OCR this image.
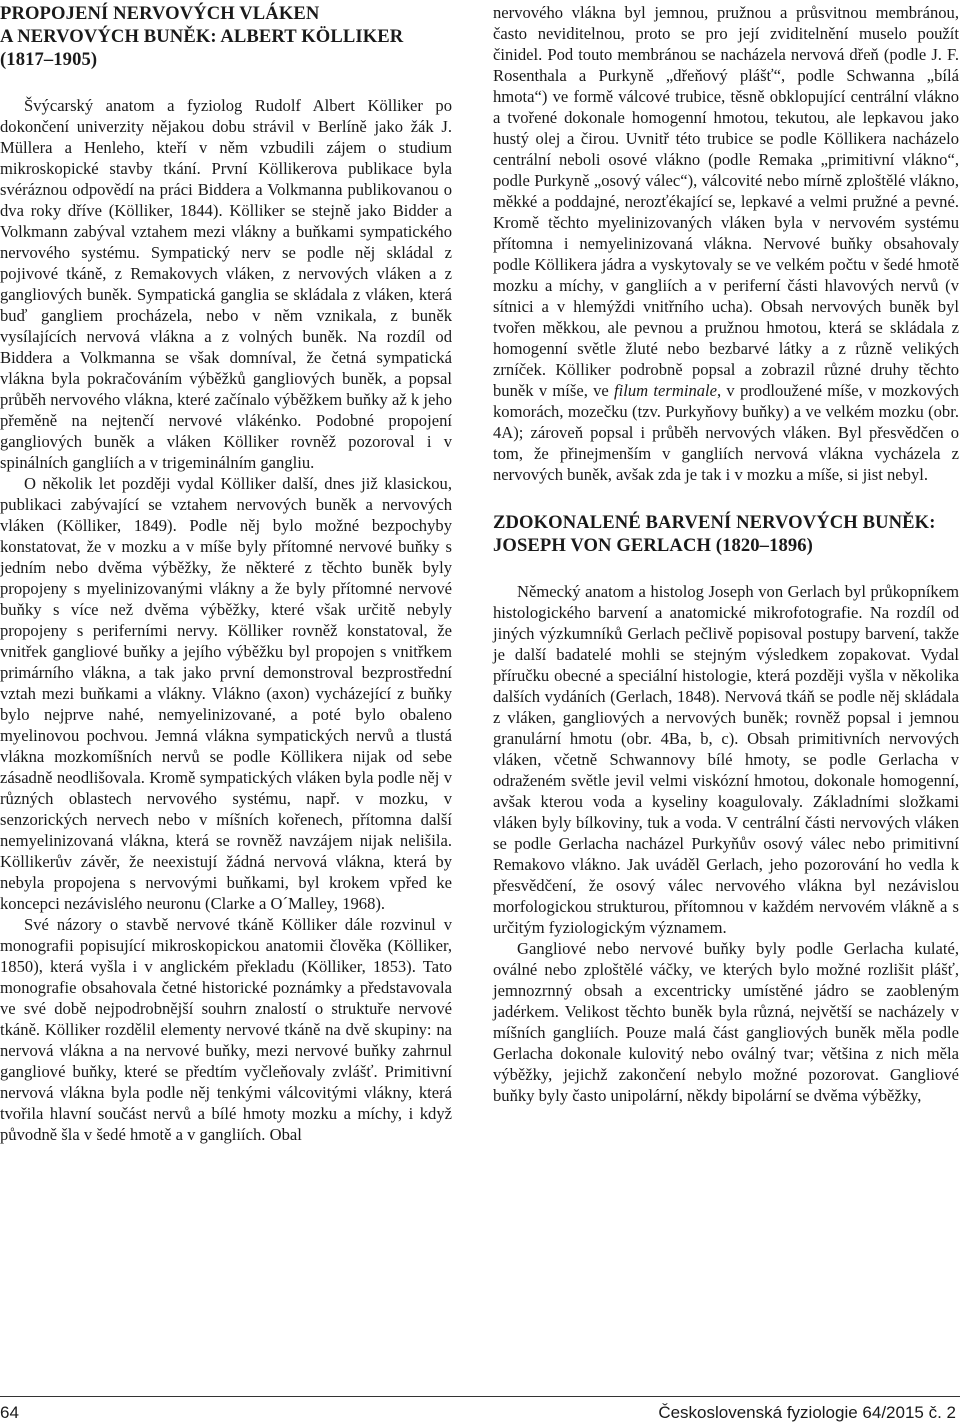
PROPOJENÍ NERVOVÝCH VLÁKEN
A NERVOVÝCH BUNĚK: ALBERT KÖLLIKER
(1817–1905)

Švýcarský anatom a fyziolog Rudolf Albert Kölliker po dokončení univerzity nějakou dobu strávil v Berlíně jako žák J. Müllera a Henleho, kteří v něm vzbudili zájem o studium mikroskopické stavby tkání. První Köllikerova publikace byla svéráznou odpovědí na práci Biddera a Volkmanna publikovanou o dva roky dříve (Kölliker, 1844). Kölliker se stejně jako Bidder a Volkmann zabýval vztahem mezi vlákny a buňkami sympatického nervového systému. Sympatický nerv se podle něj skládal z pojivové tkáně, z Remakovych vláken, z nervových vláken a z gangliových buněk. Sympatická ganglia se skládala z vláken, která buď gangliem procházela, nebo v něm vznikala, z buněk vysílajících nervová vlákna a z volných buněk. Na rozdíl od Biddera a Volkmanna se však domníval, že četná sympatická vlákna byla pokračováním výběžků gangliových buněk, a popsal průběh nervového vlákna, které začínalo výběžkem buňky až k jeho přeměně na nejtenčí nervové vlákénko. Podobné propojení gangliových buněk a vláken Kölliker rovněž pozoroval i v spinálních gangliích a v trigeminálním gangliu.

O několik let později vydal Kölliker další, dnes již klasickou, publikaci zabývající se vztahem nervových buněk a nervových vláken (Kölliker, 1849). Podle něj bylo možné bezpochyby konstatovat, že v mozku a v míše byly přítomné nervové buňky s jedním nebo dvěma výběžky, že některé z těchto buněk byly propojeny s myelinizovanými vlákny a že byly přítomné nervové buňky s více než dvěma výběžky, které však určitě nebyly propojeny s periferními nervy. Kölliker rovněž konstatoval, že vnitřek gangliové buňky a jejího výběžku byl propojen s vnitřkem primárního vlákna, a tak jako první demonstroval bezprostřední vztah mezi buňkami a vlákny. Vlákno (axon) vycházející z buňky bylo nejprve nahé, nemyelinizované, a poté bylo obaleno myelinovou pochvou. Jemná vlákna sympatických nervů a tlustá vlákna mozkomíšních nervů se podle Köllikera nijak od sebe zásadně neodlišovala. Kromě sympatických vláken byla podle něj v různých oblastech nervového systému, např. v mozku, v senzorických nervech nebo v míšních kořenech, přítomna další nemyelinizovaná vlákna, která se rovněž navzájem nijak nelišila. Köllikerův závěr, že neexistují žádná nervová vlákna, která by nebyla propojena s nervovými buňkami, byl krokem vpřed ke koncepci nezávislého neuronu (Clarke a O´Malley, 1968).

Své názory o stavbě nervové tkáně Kölliker dále rozvinul v monografii popisující mikroskopickou anatomii člověka (Kölliker, 1850), která vyšla i v anglickém překladu (Kölliker, 1853). Tato monografie obsahovala četné historické poznámky a představovala ve své době nejpodrobnější souhrn znalostí o struktuře nervové tkáně. Kölliker rozdělil elementy nervové tkáně na dvě skupiny: na nervová vlákna a na nervové buňky, mezi nervové buňky zahrnul gangliové buňky, které se předtím vyčleňovaly zvlášť. Primitivní nervová vlákna byla podle něj tenkými válcovitými vlákny, která tvořila hlavní součást nervů a bílé hmoty mozku a míchy, i když původně šla v šedé hmotě a v gangliích. Obal

nervového vlákna byl jemnou, pružnou a průsvitnou membránou, často neviditelnou, proto se pro její zviditelnění muselo použít činidel. Pod touto membránou se nacházela nervová dřeň (podle J. F. Rosenthala a Purkyně „dřeňový plášť“, podle Schwanna „bílá hmota“) ve formě válcové trubice, těsně obklopující centrální vlákno a tvořené dokonale homogenní hmotou, tekutou, ale lepkavou jako hustý olej a čirou. Uvnitř této trubice se podle Köllikera nacházelo centrální neboli osové vlákno (podle Remaka „primitivní vlákno“, podle Purkyně „osový válec“), válcovité nebo mírně zploštělé vlákno, měkké a poddajné, nerozťékající se, lepkavé a velmi pružné a pevné. Kromě těchto myelinizovaných vláken byla v nervovém systému přítomna i nemyelinizovaná vlákna. Nervové buňky obsahovaly podle Köllikera jádra a vyskytovaly se ve velkém počtu v šedé hmotě mozku a míchy, v gangliích a v periferní části hlavových nervů (v sítnici a v hlemýždi vnitřního ucha). Obsah nervových buněk byl tvořen měkkou, ale pevnou a pružnou hmotou, která se skládala z homogenní světle žluté nebo bezbarvé látky a z různě velikých zrníček. Kölliker podrobně popsal a zobrazil různé druhy těchto buněk v míše, ve filum terminale, v prodloužené míše, v mozkových komorách, mozečku (tzv. Purkyňovy buňky) a ve velkém mozku (obr. 4A); zároveň popsal i průběh nervových vláken. Byl přesvědčen o tom, že přinejmenším v gangliích nervová vlákna vycházela z nervových buněk, avšak zda je tak i v mozku a míše, si jist nebyl.

ZDOKONALENÉ BARVENÍ NERVOVÝCH BUNĚK:
JOSEPH VON GERLACH (1820–1896)

Německý anatom a histolog Joseph von Gerlach byl průkopníkem histologického barvení a anatomické mikrofotografie. Na rozdíl od jiných výzkumníků Gerlach pečlivě popisoval postupy barvení, takže je další badatelé mohli se stejným výsledkem zopakovat. Vydal příručku obecné a speciální histologie, která později vyšla v několika dalších vydáních (Gerlach, 1848). Nervová tkáň se podle něj skládala z vláken, gangliových a nervových buněk; rovněž popsal i jemnou granulární hmotu (obr. 4Ba, b, c). Obsah primitivních nervových vláken, včetně Schwannovy bílé hmoty, se podle Gerlacha v odraženém světle jevil velmi viskózní hmotou, dokonale homogenní, avšak kterou voda a kyseliny koagulovaly. Základními složkami vláken byly bílkoviny, tuk a voda. V centrální části nervových vláken se podle Gerlacha nacházel Purkyňův osový válec nebo primitivní Remakovo vlákno. Jak uváděl Gerlach, jeho pozorování ho vedla k přesvědčení, že osový válec nervového vlákna byl nezávislou morfologickou strukturou, přítomnou v každém nervovém vlákně a s určitým fyziologickým významem.

Gangliové nebo nervové buňky byly podle Gerlacha kulaté, oválné nebo zploštělé váčky, ve kterých bylo možné rozlišit plášť, jemnozrnný obsah a excentricky umístěné jádro se zaobleným jadérkem. Velikost těchto buněk byla různá, největší se nacházely v míšních gangliích. Pouze malá část gangliových buněk měla podle Gerlacha dokonale kulovitý nebo oválný tvar; většina z nich měla výběžky, jejichž zakončení nebylo možné pozorovat. Gangliové buňky byly často unipolární, někdy bipolární se dvěma výběžky,

64	Československá fyziologie 64/2015 č. 2
